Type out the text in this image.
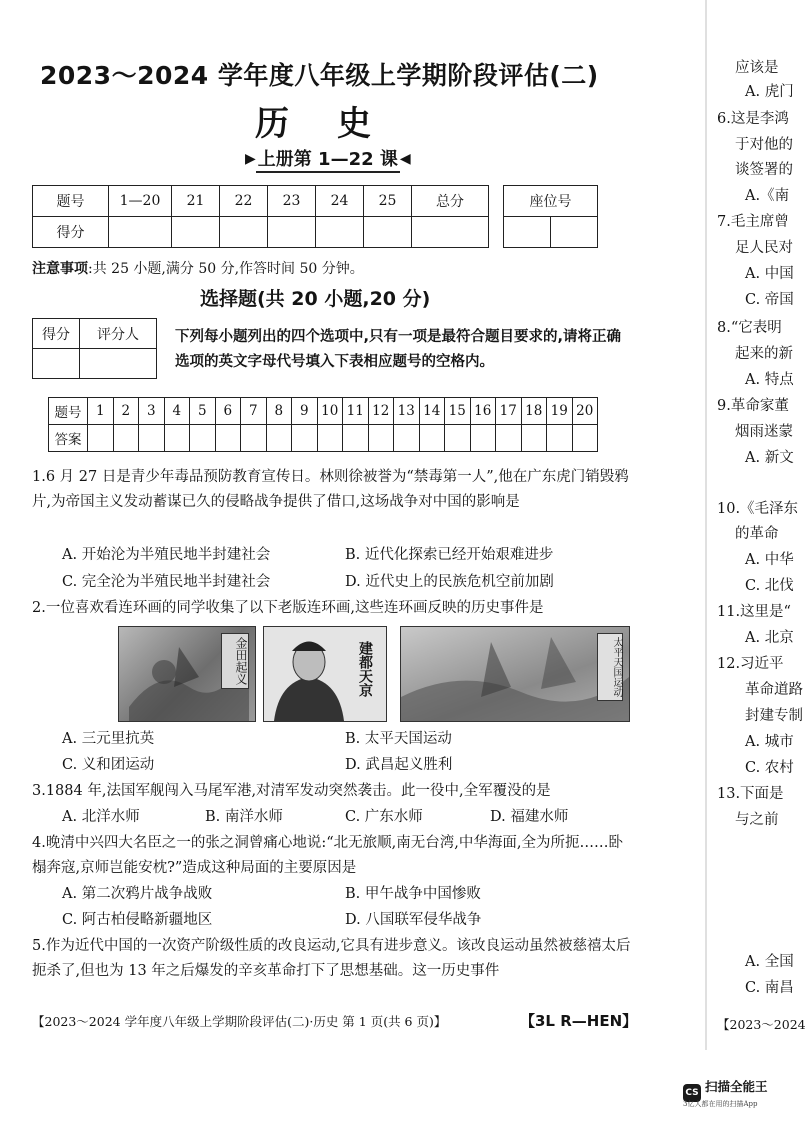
2023～2024 学年度八年级上学期阶段评估(二)
历史
▶ 上册第 1—22 课 ◀
题号	1—20	21	22	23	24	25	总分
得分							
座位号

注意事项:共 25 小题,满分 50 分,作答时间 50 分钟。
选择题(共 20 小题,20 分)
得分	评分人
	下列每小题列出的四个选项中,只有一项是最符合题目要求的,请将正确选项的英文字母代号填入下表相应题号的空格内。
题号	1	2	3	4	5	6	7	8	9	10	11	12	13	14	15	16	17	18	19	20
答案																				
1.6 月 27 日是青少年毒品预防教育宣传日。林则徐被誉为“禁毒第一人”,他在广东虎门销毁鸦片,为帝国主义发动蓄谋已久的侵略战争提供了借口,这场战争对中国的影响是
A. 开始沦为半殖民地半封建社会	B. 近代化探索已经开始艰难进步
C. 完全沦为半殖民地半封建社会	D. 近代史上的民族危机空前加剧
2.一位喜欢看连环画的同学收集了以下老版连环画,这些连环画反映的历史事件是
金田起义	建都天京	太平天国运动
A. 三元里抗英	B. 太平天国运动
C. 义和团运动	D. 武昌起义胜利
3.1884 年,法国军舰闯入马尾军港,对清军发动突然袭击。此一役中,全军覆没的是
A. 北洋水师	B. 南洋水师	C. 广东水师	D. 福建水师
4.晚清中兴四大名臣之一的张之洞曾痛心地说:“北无旅顺,南无台湾,中华海面,全为所扼……卧榻奔寇,京师岂能安枕?”造成这种局面的主要原因是
A. 第二次鸦片战争战败	B. 甲午战争中国惨败
C. 阿古柏侵略新疆地区	D. 八国联军侵华战争
5.作为近代中国的一次资产阶级性质的改良运动,它具有进步意义。该改良运动虽然被慈禧太后扼杀了,但也为 13 年之后爆发的辛亥革命打下了思想基础。这一历史事件
【2023～2024 学年度八年级上学期阶段评估(二)·历史 第 1 页(共 6 页)】	【3L R—HEN】
应该是
A. 虎门
6.这是李鸿
于对他的
谈签署的
A.《南
7.毛主席曾
足人民对
A. 中国
C. 帝国
8.“它表明
起来的新
A. 特点
9.革命家董
烟雨迷蒙
A. 新文
10.《毛泽东
的革命
A. 中华
C. 北伐
11.这里是“
A. 北京
12.习近平
革命道路
封建专制
A. 城市
C. 农村
13.下面是
与之前
A. 全国
C. 南昌
【2023～2024
CS 扫描全能王
3亿人都在用的扫描App
